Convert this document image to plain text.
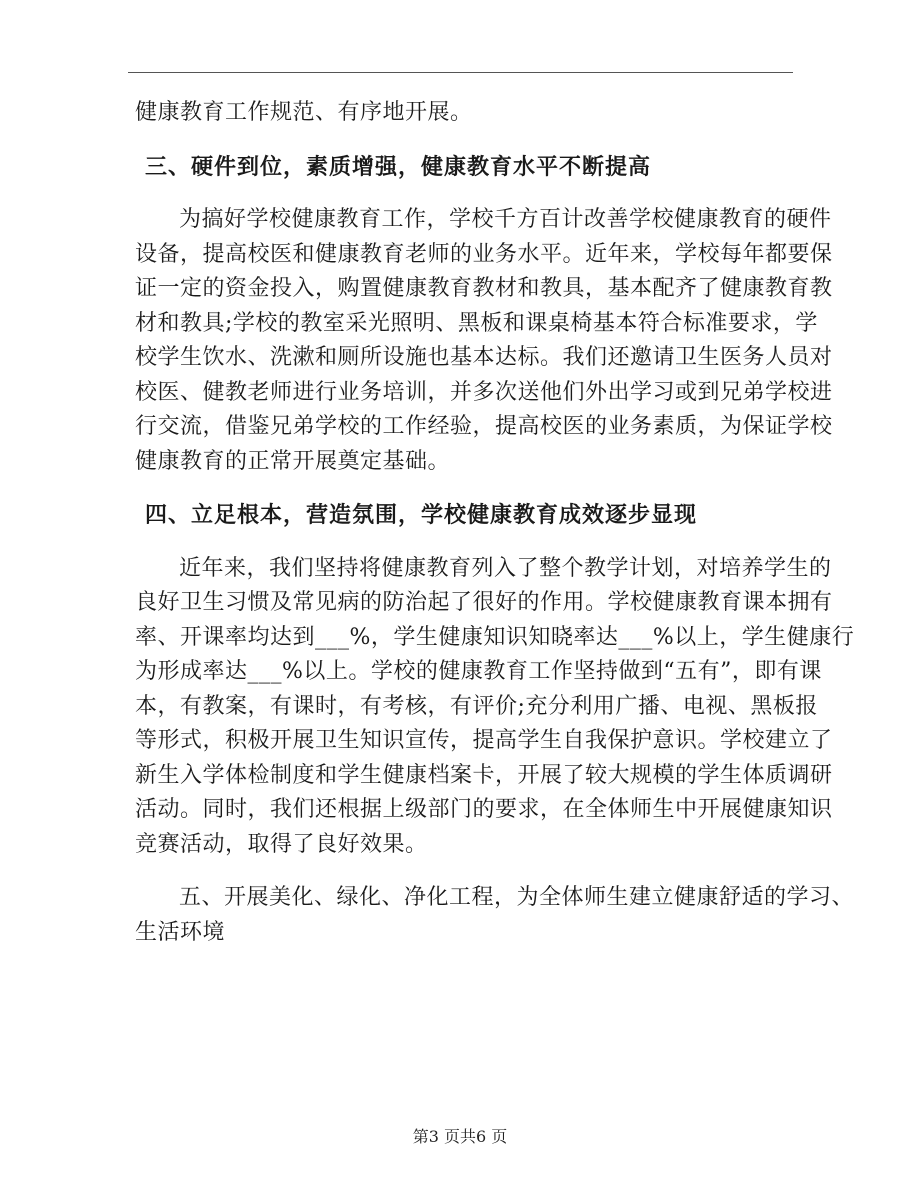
健康教育工作规范、有序地开展。
三、硬件到位，素质增强，健康教育水平不断提高
为搞好学校健康教育工作，学校千方百计改善学校健康教育的硬件
设备，提高校医和健康教育老师的业务水平。近年来，学校每年都要保
证一定的资金投入，购置健康教育教材和教具，基本配齐了健康教育教
材和教具;学校的教室采光照明、黑板和课桌椅基本符合标准要求，学
校学生饮水、洗漱和厕所设施也基本达标。我们还邀请卫生医务人员对
校医、健教老师进行业务培训，并多次送他们外出学习或到兄弟学校进
行交流，借鉴兄弟学校的工作经验，提高校医的业务素质，为保证学校
健康教育的正常开展奠定基础。
四、立足根本，营造氛围，学校健康教育成效逐步显现
近年来，我们坚持将健康教育列入了整个教学计划，对培养学生的
良好卫生习惯及常见病的防治起了很好的作用。学校健康教育课本拥有
率、开课率均达到___%，学生健康知识知晓率达___%以上，学生健康行
为形成率达___%以上。学校的健康教育工作坚持做到“五有”，即有课
本，有教案，有课时，有考核，有评价;充分利用广播、电视、黑板报
等形式，积极开展卫生知识宣传，提高学生自我保护意识。学校建立了
新生入学体检制度和学生健康档案卡，开展了较大规模的学生体质调研
活动。同时，我们还根据上级部门的要求，在全体师生中开展健康知识
竞赛活动，取得了良好效果。
五、开展美化、绿化、净化工程，为全体师生建立健康舒适的学习、
生活环境
第3 页共6 页
